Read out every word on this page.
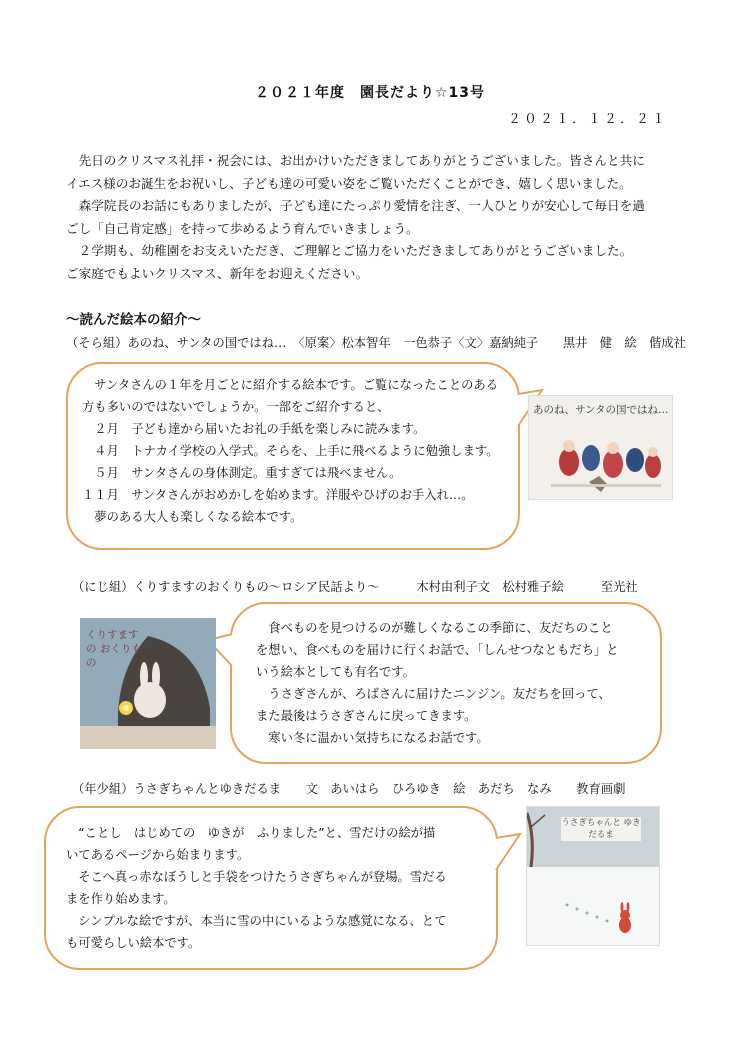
２０２１年度　園長だより☆13号
２０２１．１２．２１

　先日のクリスマス礼拝・祝会には、お出かけいただきましてありがとうございました。皆さんと共に

イエス様のお誕生をお祝いし、子ども達の可愛い姿をご覧いただくことができ、嬉しく思いました。

　森学院長のお話にもありましたが、子ども達にたっぷり愛情を注ぎ、一人ひとりが安心して毎日を過

ごし「自己肯定感」を持って歩めるよう育んでいきましょう。

　２学期も、幼稚園をお支えいただき、ご理解とご協力をいただきましてありがとうございました。

ご家庭でもよいクリスマス、新年をお迎えください。

～読んだ絵本の紹介～
（そら組）あのね、サンタの国ではね…　〈原案〉松本智年　一色恭子〈文〉嘉納純子　　黒井　健　絵　偕成社

　サンタさんの１年を月ごとに紹介する絵本です。ご覧になったことのある

方も多いのではないでしょうか。一部をご紹介すると、

　２月　子ども達から届いたお礼の手紙を楽しみに読みます。

　４月　トナカイ学校の入学式。そらを、上手に飛べるように勉強します。

　５月　サンタさんの身体測定。重すぎては飛べません。

１１月　サンタさんがおめかしを始めます。洋服やひげのお手入れ…。

　夢のある大人も楽しくなる絵本です。

あのね、サンタの国ではね…
（にじ組）くりすますのおくりもの～ロシア民話より～　　　木村由利子文　松村雅子絵　　　至光社

　食べものを見つけるのが難しくなるこの季節に、友だちのこと

を想い、食べものを届けに行くお話で、「しんせつなともだち」と

いう絵本としても有名です。

　うさぎさんが、ろばさんに届けたニンジン。友だちを回って、

また最後はうさぎさんに戻ってきます。

　寒い冬に温かい気持ちになるお話です。

くりすますの おくりもの
（年少組）うさぎちゃんとゆきだるま　　文　あいはら　ひろゆき　絵　あだち　なみ　　教育画劇

　“ことし　はじめての　ゆきが　ふりました”と、雪だけの絵が描

いてあるページから始まります。

　そこへ真っ赤なぼうしと手袋をつけたうさぎちゃんが登場。雪だる

まを作り始めます。

　シンプルな絵ですが、本当に雪の中にいるような感覚になる、とて

も可愛らしい絵本です。

うさぎちゃんと ゆきだるま
